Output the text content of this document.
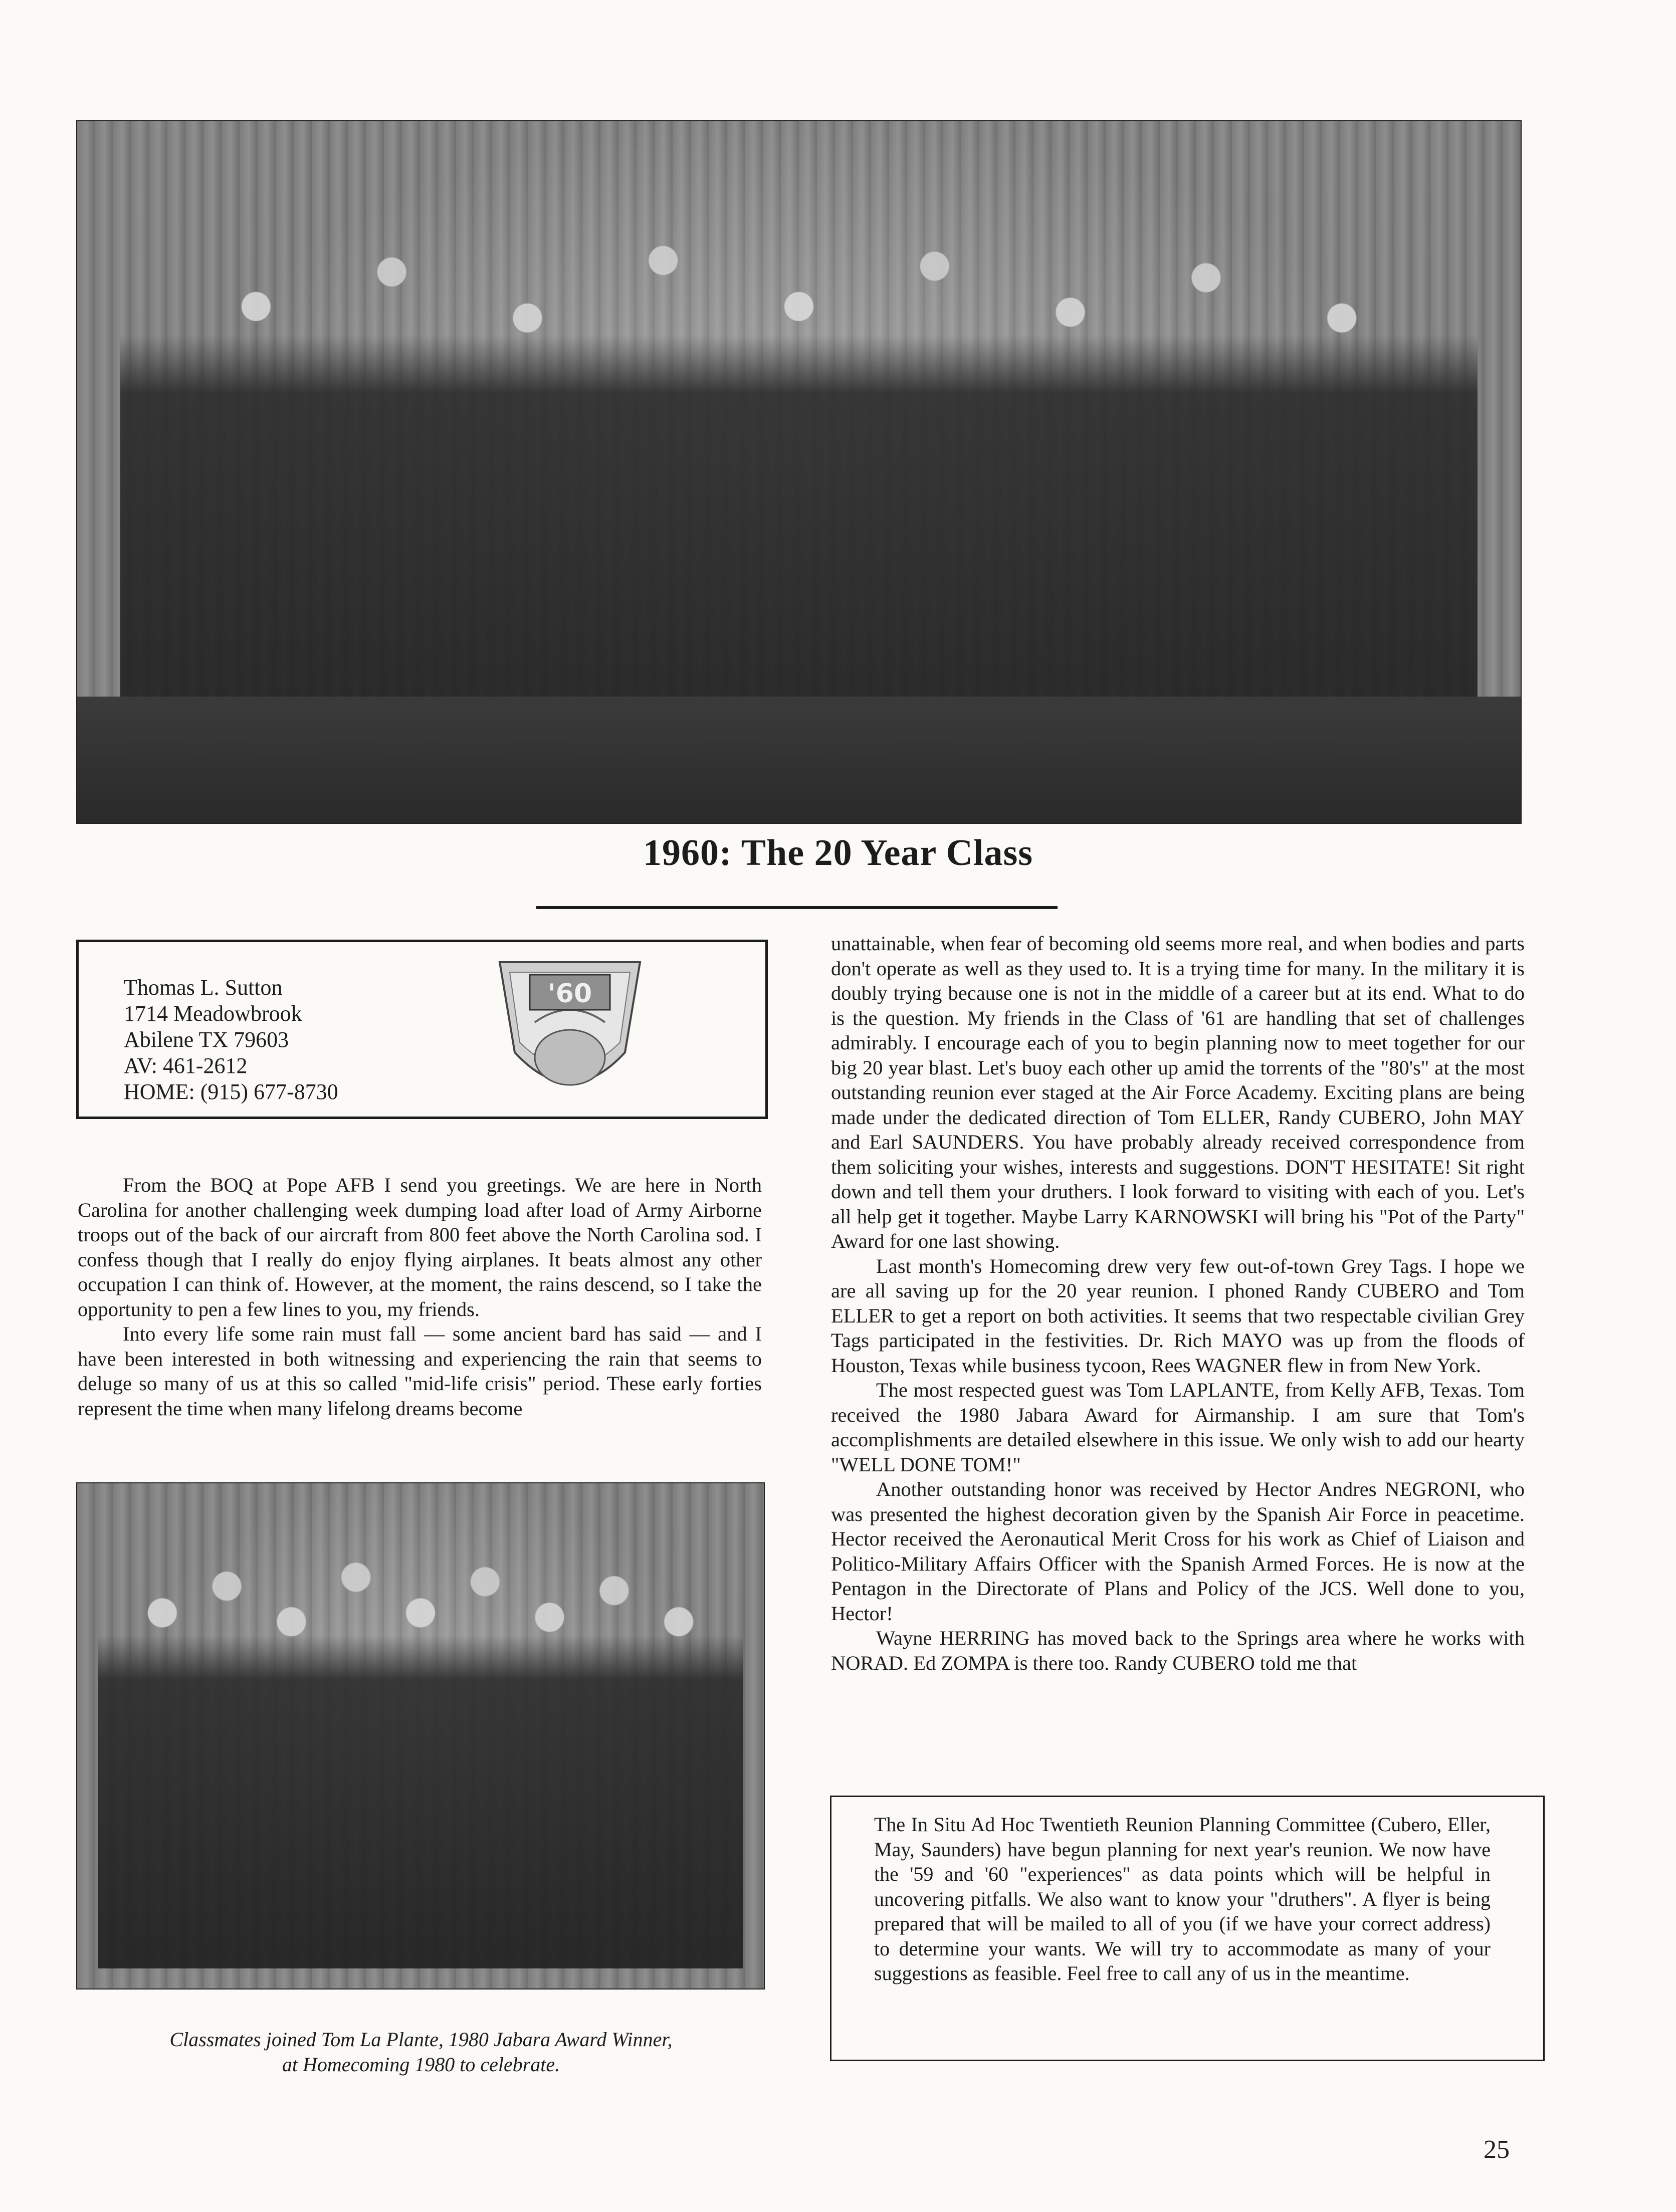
1960: The 20 Year Class
Thomas L. Sutton
1714 Meadowbrook
Abilene TX 79603
AV: 461-2612
HOME: (915) 677-8730
'60

From the BOQ at Pope AFB I send you greetings. We are here in North Carolina for another challenging week dumping load after load of Army Airborne troops out of the back of our aircraft from 800 feet above the North Carolina sod. I confess though that I really do enjoy flying airplanes. It beats almost any other occupation I can think of. However, at the moment, the rains descend, so I take the opportunity to pen a few lines to you, my friends.

Into every life some rain must fall — some ancient bard has said — and I have been interested in both witnessing and experiencing the rain that seems to deluge so many of us at this so called "mid-life crisis" period. These early forties represent the time when many lifelong dreams become

Classmates joined Tom La Plante, 1980 Jabara Award Winner,
at Homecoming 1980 to celebrate.

unattainable, when fear of becoming old seems more real, and when bodies and parts don't operate as well as they used to. It is a trying time for many. In the military it is doubly trying because one is not in the middle of a career but at its end. What to do is the question. My friends in the Class of '61 are handling that set of challenges admirably. I encourage each of you to begin planning now to meet together for our big 20 year blast. Let's buoy each other up amid the torrents of the "80's" at the most outstanding reunion ever staged at the Air Force Academy. Exciting plans are being made under the dedicated direction of Tom ELLER, Randy CUBERO, John MAY and Earl SAUNDERS. You have probably already received correspondence from them soliciting your wishes, interests and suggestions. DON'T HESITATE! Sit right down and tell them your druthers. I look forward to visiting with each of you. Let's all help get it together. Maybe Larry KARNOWSKI will bring his "Pot of the Party" Award for one last showing.

Last month's Homecoming drew very few out-of-town Grey Tags. I hope we are all saving up for the 20 year reunion. I phoned Randy CUBERO and Tom ELLER to get a report on both activities. It seems that two respectable civilian Grey Tags participated in the festivities. Dr. Rich MAYO was up from the floods of Houston, Texas while business tycoon, Rees WAGNER flew in from New York.

The most respected guest was Tom LAPLANTE, from Kelly AFB, Texas. Tom received the 1980 Jabara Award for Airmanship. I am sure that Tom's accomplishments are detailed elsewhere in this issue. We only wish to add our hearty "WELL DONE TOM!"

Another outstanding honor was received by Hector Andres NEGRONI, who was presented the highest decoration given by the Spanish Air Force in peacetime. Hector received the Aeronautical Merit Cross for his work as Chief of Liaison and Politico-Military Affairs Officer with the Spanish Armed Forces. He is now at the Pentagon in the Directorate of Plans and Policy of the JCS. Well done to you, Hector!

Wayne HERRING has moved back to the Springs area where he works with NORAD. Ed ZOMPA is there too. Randy CUBERO told me that

The In Situ Ad Hoc Twentieth Reunion Planning Committee (Cubero, Eller, May, Saunders) have begun planning for next year's reunion. We now have the '59 and '60 "experiences" as data points which will be helpful in uncovering pitfalls. We also want to know your "druthers". A flyer is being prepared that will be mailed to all of you (if we have your correct address) to determine your wants. We will try to accommodate as many of your suggestions as feasible. Feel free to call any of us in the meantime.
25
